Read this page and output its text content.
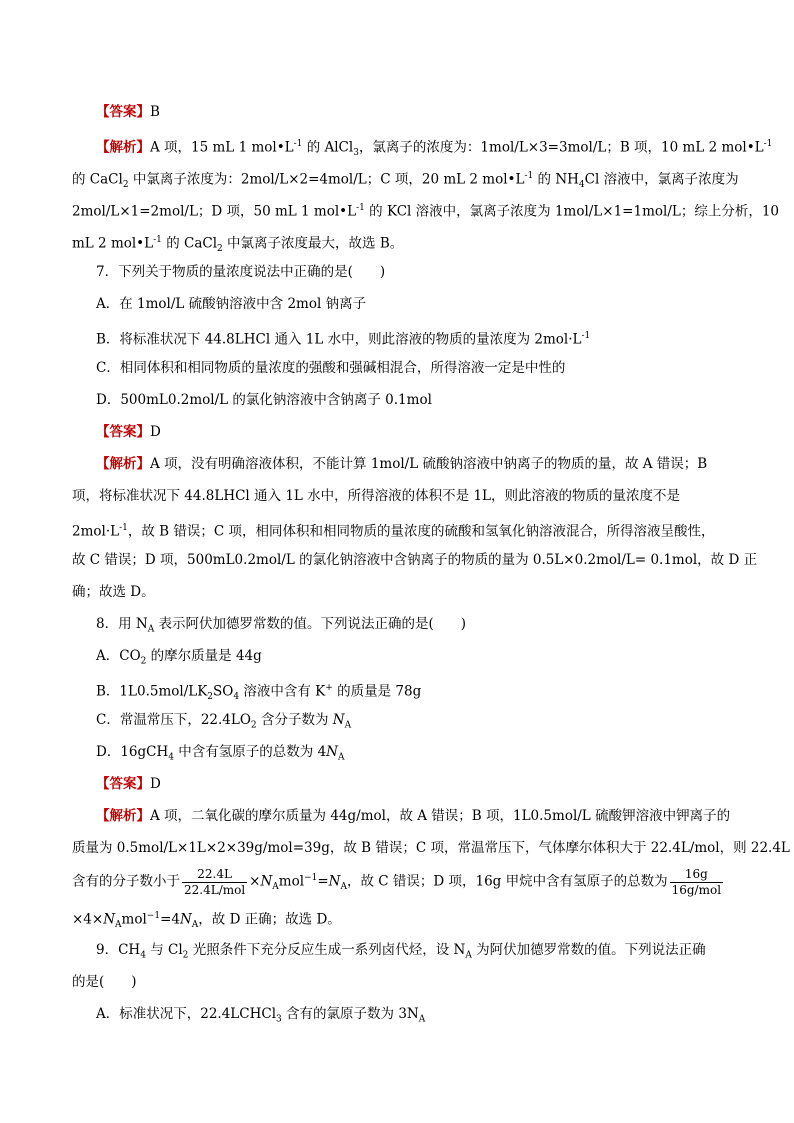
【答案】B
【解析】A 项，15 mL 1 $mol•L^{-1}$ 的 AlCl$_3$，氯离子的浓度为：1mol/L×3=3mol/L；B 项，10 mL 2 $mol•L^{-1}$
的 CaCl$_2$ 中氯离子浓度为：2mol/L×2=4mol/L；C 项，20 mL 2 $mol•L^{-1}$ 的 $NH_4Cl$ 溶液中，氯离子浓度为
2mol/L×1=2mol/L；D 项，50 mL 1 $mol•L^{-1}$ 的 KCl 溶液中，氯离子浓度为 1mol/L×1=1mol/L；综上分析，10
mL 2 $mol•L^{-1}$ 的 CaCl$_2$ 中氯离子浓度最大，故选 B。
7．下列关于物质的量浓度说法中正确的是(　　)
A．在 1mol/L 硫酸钠溶液中含 2mol 钠离子
B．将标准状况下 44.8LHCl 通入 1L 水中，则此溶液的物质的量浓度为 $2mol\cdot L^{-1}$
C．相同体积和相同物质的量浓度的强酸和强碱相混合，所得溶液一定是中性的
D．500mL0.2mol/L 的氯化钠溶液中含钠离子 0.1mol
【答案】D
【解析】A 项，没有明确溶液体积，不能计算 1mol/L 硫酸钠溶液中钠离子的物质的量，故 A 错误；B
项，将标准状况下 44.8LHCl 通入 1L 水中，所得溶液的体积不是 1L，则此溶液的物质的量浓度不是
$2mol\cdot L^{-1}$，故 B 错误；C 项，相同体积和相同物质的量浓度的硫酸和氢氧化钠溶液混合，所得溶液呈酸性，
故 C 错误；D 项，500mL0.2mol/L 的氯化钠溶液中含钠离子的物质的量为 0.5L×0.2mol/L= 0.1mol，故 D 正
确；故选 D。
8．用 $N_A$ 表示阿伏加德罗常数的值。下列说法正确的是(　　)
A．$CO_2$ 的摩尔质量是 44g
B．$1L0.5mol/LK_2SO_4$ 溶液中含有 K+ 的质量是 78g
C．常温常压下，$22.4LO_2$ 含分子数为 $N_A$
D．16gCH$_4$ 中含有氢原子的总数为 $4N_A$
【答案】D
【解析】A 项，二氧化碳的摩尔质量为 44g/mol，故 A 错误；B 项，1L0.5mol/L 硫酸钾溶液中钾离子的
质量为 0.5mol/L×1L×2×39g/mol=39g，故 B 错误；C 项，常温常压下，气体摩尔体积大于 22.4L/mol，则 22.4L
含有的分子数小于 $\frac{22.4L}{\text{22.4L/mol}} \times N_Amol^{-1}=N_A$，故 C 错误；D 项，16g 甲烷中含有氢原子的总数为 $\frac{16g}{\text{16g/mol}}$
$\times 4\times N_Amol^{-1}=4N_A$，故 D 正确；故选 D。
9．$CH_4$ 与 $Cl_2$ 光照条件下充分反应生成一系列卤代烃，设 $N_A$ 为阿伏加德罗常数的值。下列说法正确
的是(　　)
A．标准状况下，22.4LCHCl$_3$ 含有的氯原子数为 $3N_A$
